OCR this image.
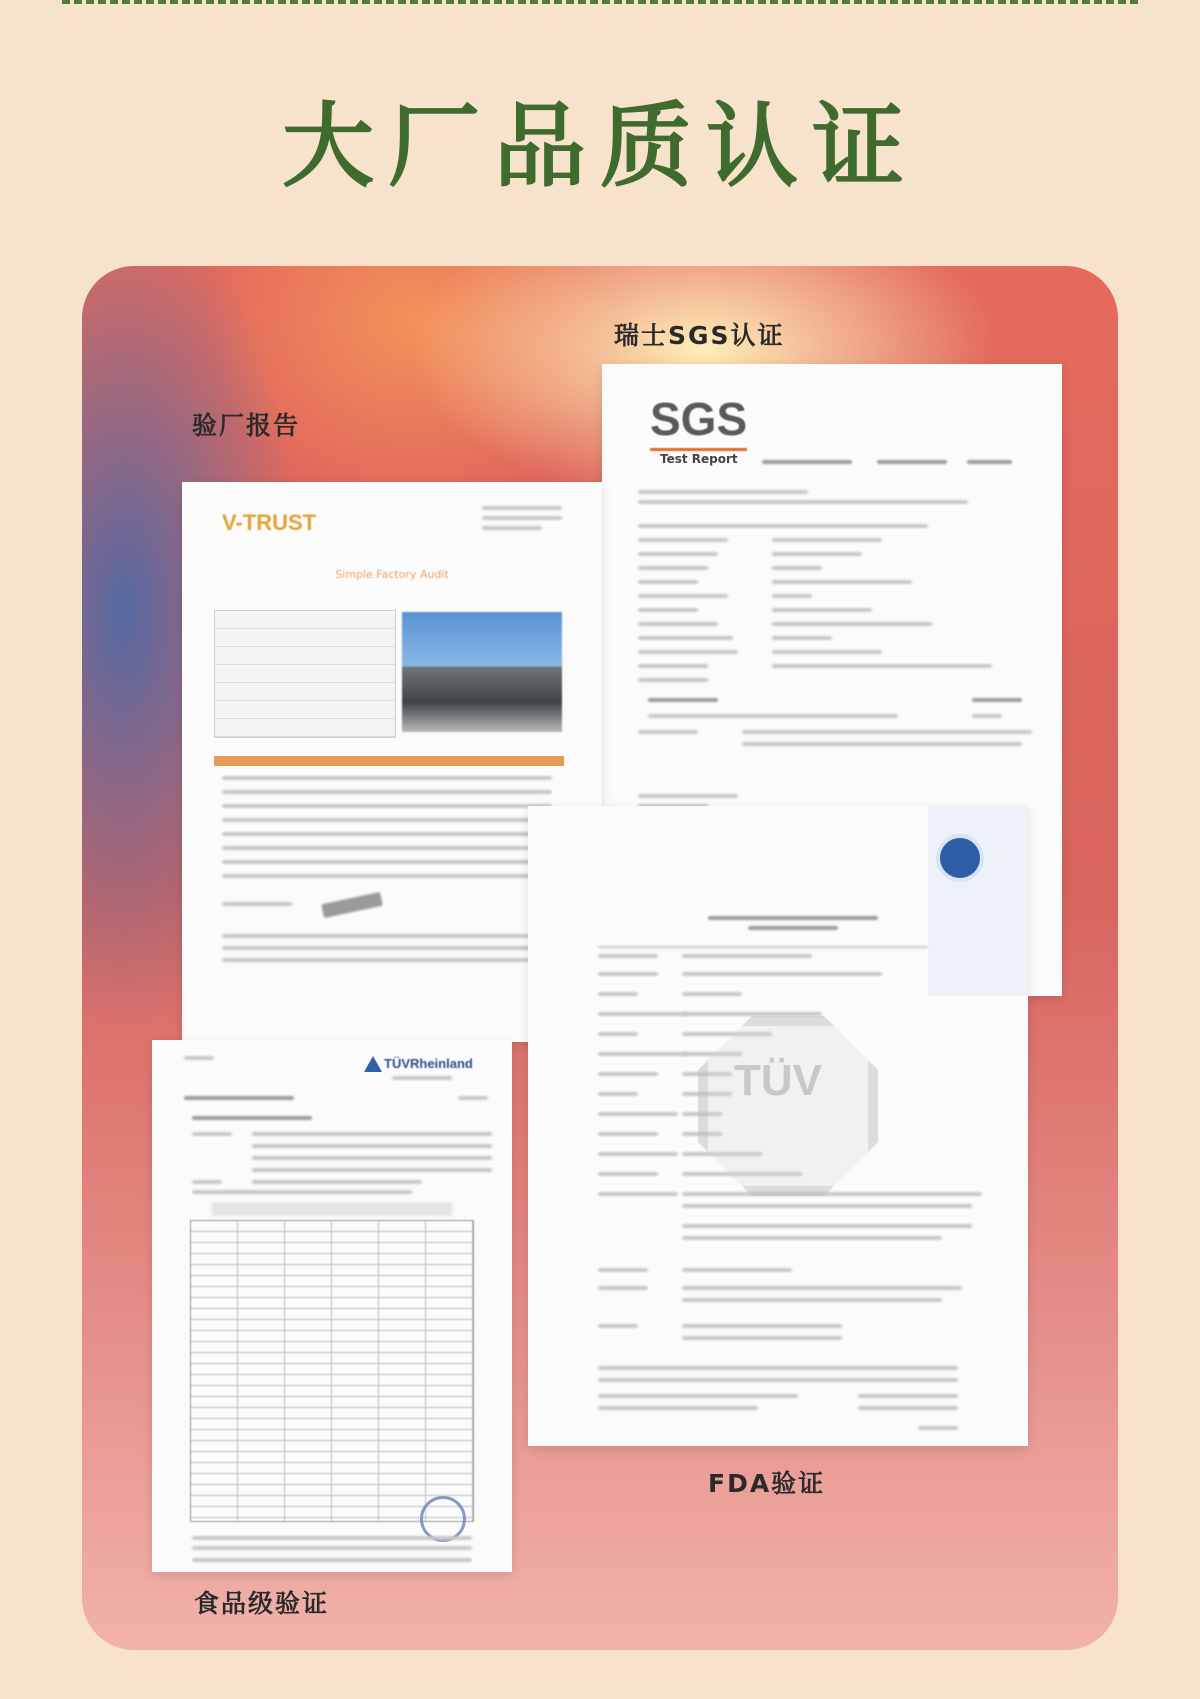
大厂品质认证
瑞士SGS认证
SGS
Test Report
验厂报告
V-TRUST
Simple Factory Audit
TÜV
TÜVRheinland
FDA验证
食品级验证
